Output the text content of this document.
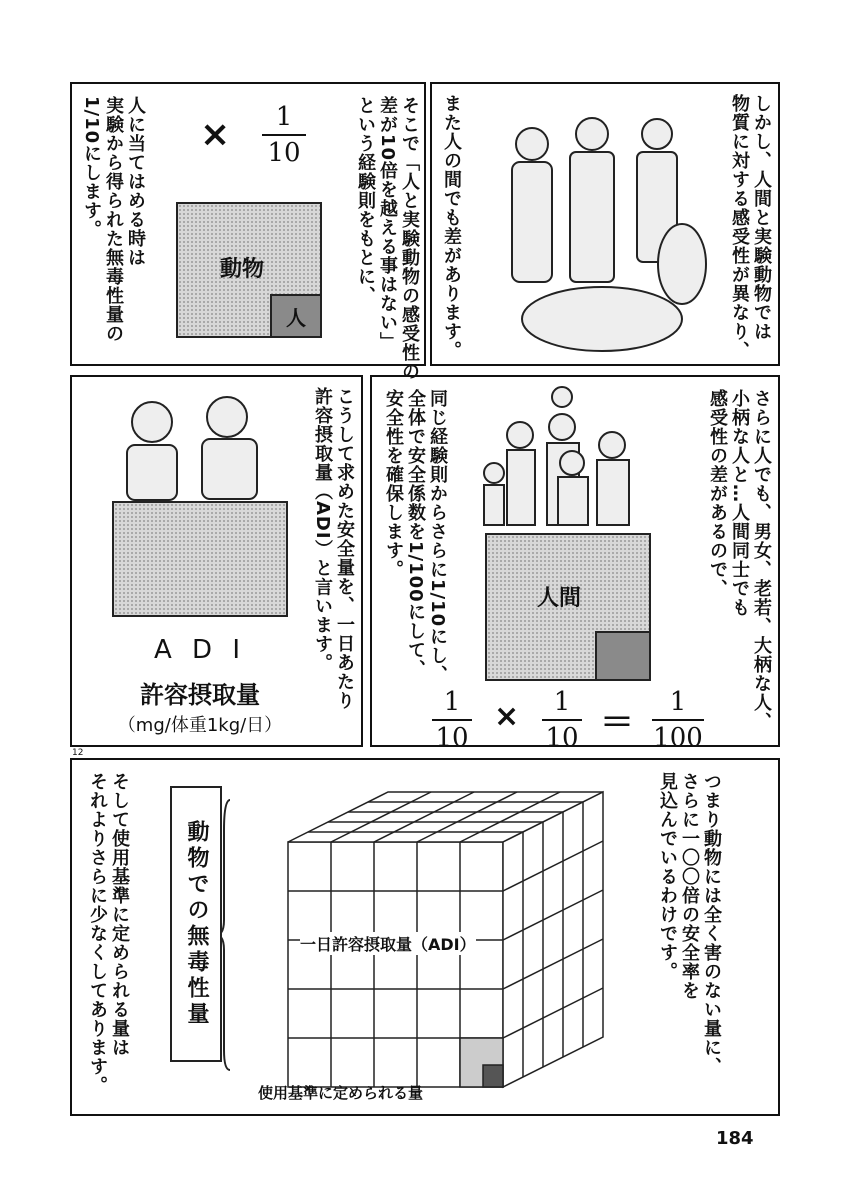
そこで「人と実験動物の感受性の
差が10倍を越える事はない」
という経験則をもとに、
人に当てはめる時は
実験から得られた無毒性量の
1/10にします。	×	1
10
動物
人	しかし、人間と実験動物では
物質に対する感受性が異なり、
また人の間でも差があります。
こうして求めた安全量を、一日あたり
許容摂取量（ADI）と言います。
A D I
許容摂取量
（mg/体重1kg/日）	さらに人でも、男女、老若、大柄な人、
小柄な人と…人間同士でも
感受性の差があるので、
同じ経験則からさらに1/10にし、
全体で安全係数を1/100にして、
安全性を確保します。
人間
1
10
×	1
10 ＝
1
100
12
つまり動物には全く害のない量に、
さらに一〇〇倍の安全率を
見込んでいるわけです。
そして使用基準に定められる量は
それよりさらに少なくしてあります。	動物での無毒性量	一日許容摂取量（ADI）
使用基準に定められる量
184
